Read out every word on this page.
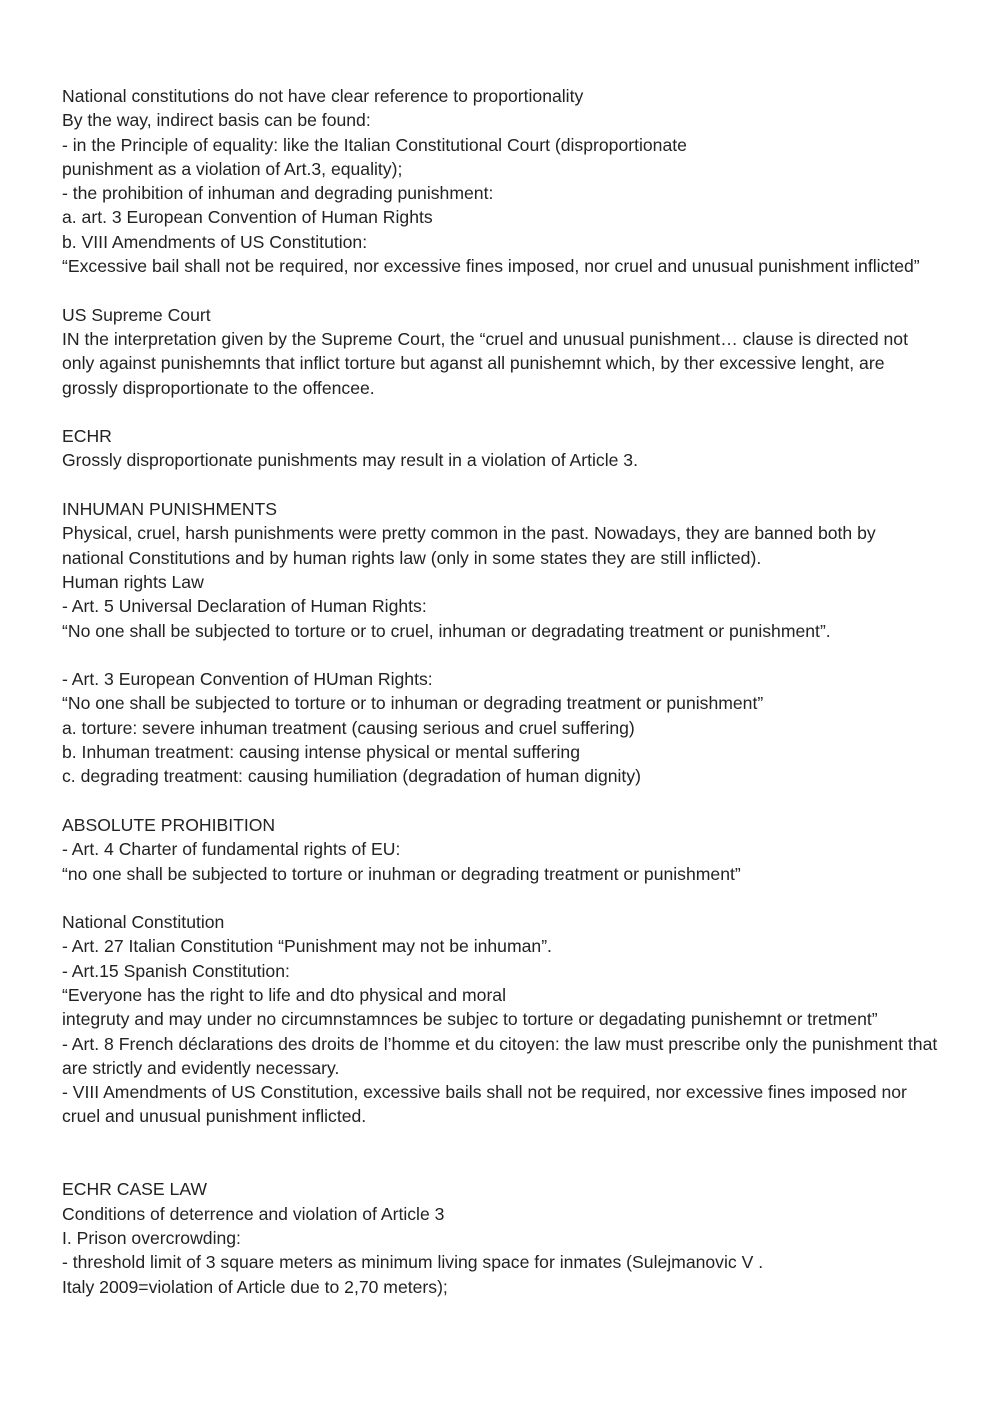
National constitutions do not have clear reference to proportionality
By the way, indirect basis can be found:
- in the Principle of equality: like the Italian Constitutional Court (disproportionate
punishment as a violation of Art.3, equality);
- the prohibition of inhuman and degrading punishment:
a. art. 3 European Convention of Human Rights
b. VIII Amendments of US Constitution:
“Excessive bail shall not be required, nor excessive fines imposed, nor cruel and unusual punishment inflicted”
US Supreme Court
IN the interpretation given by the Supreme Court, the “cruel and unusual punishment… clause is directed not only against punishemnts that inflict torture but aganst all punishemnt which, by ther excessive lenght, are grossly disproportionate to the offencee.
ECHR
Grossly disproportionate punishments may result in a violation of Article 3.
INHUMAN PUNISHMENTS
Physical, cruel, harsh punishments were pretty common in the past. Nowadays, they are banned both by national Constitutions and by human rights law (only in some states they are still inflicted).
Human rights Law
- Art. 5 Universal Declaration of Human Rights:
“No one shall be subjected to torture or to cruel, inhuman or degradating treatment or punishment”.
- Art. 3 European Convention of HUman Rights:
“No one shall be subjected to torture or to inhuman or degrading treatment or punishment”
a. torture: severe inhuman treatment (causing serious and cruel suffering)
b. Inhuman treatment: causing intense physical or mental suffering
c. degrading treatment: causing humiliation (degradation of human dignity)
ABSOLUTE PROHIBITION
- Art. 4 Charter of fundamental rights of EU:
“no one shall be subjected to torture or inuhman or degrading treatment or punishment”
National Constitution
- Art. 27 Italian Constitution “Punishment may not be inhuman”.
- Art.15 Spanish Constitution:
“Everyone has the right to life and dto physical and moral
integruty and may under no circumnstamnces be subjec to torture or degadating punishemnt or tretment”
- Art. 8 French déclarations des droits de l’homme et du citoyen: the law must prescribe only the punishment that are strictly and evidently necessary.
- VIII Amendments of US Constitution, excessive bails shall not be required, nor excessive fines imposed nor cruel and unusual punishment inflicted.
ECHR CASE LAW
Conditions of deterrence and violation of Article 3
I. Prison overcrowding:
- threshold limit of 3 square meters as minimum living space for inmates (Sulejmanovic V .
Italy 2009=violation of Article due to 2,70 meters);
